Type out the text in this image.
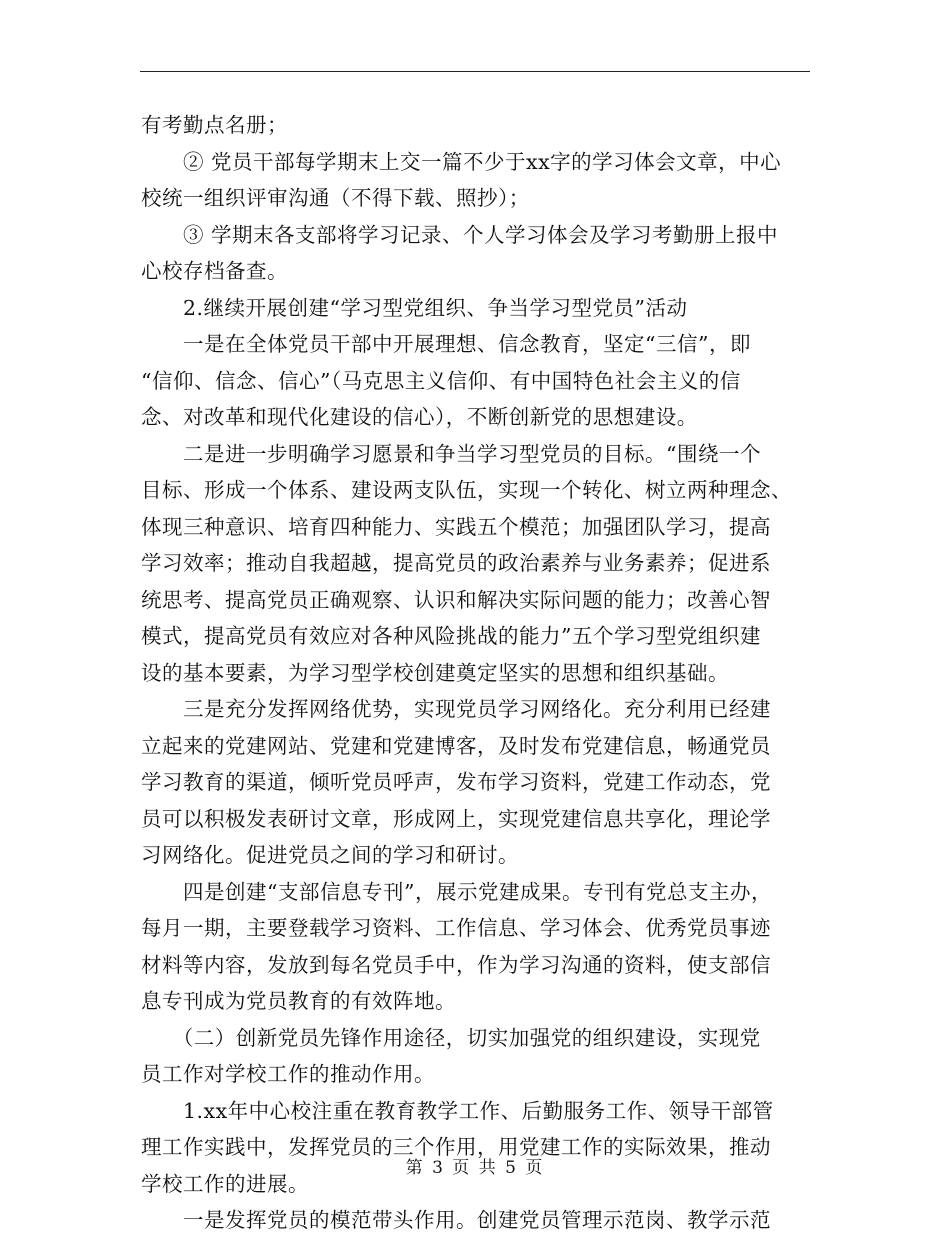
有考勤点名册；
　　② 党员干部每学期末上交一篇不少于xx字的学习体会文章，中心
校统一组织评审沟通（不得下载、照抄）；
　　③ 学期末各支部将学习记录、个人学习体会及学习考勤册上报中
心校存档备查。
　　2.继续开展创建“学习型党组织、争当学习型党员”活动
　　一是在全体党员干部中开展理想、信念教育，坚定“三信”，即
“信仰、信念、信心”（马克思主义信仰、有中国特色社会主义的信
念、对改革和现代化建设的信心），不断创新党的思想建设。
　　二是进一步明确学习愿景和争当学习型党员的目标。“围绕一个
目标、形成一个体系、建设两支队伍，实现一个转化、树立两种理念、
体现三种意识、培育四种能力、实践五个模范；加强团队学习，提高
学习效率；推动自我超越，提高党员的政治素养与业务素养；促进系
统思考、提高党员正确观察、认识和解决实际问题的能力；改善心智
模式，提高党员有效应对各种风险挑战的能力”五个学习型党组织建
设的基本要素，为学习型学校创建奠定坚实的思想和组织基础。
　　三是充分发挥网络优势，实现党员学习网络化。充分利用已经建
立起来的党建网站、党建和党建博客，及时发布党建信息，畅通党员
学习教育的渠道，倾听党员呼声，发布学习资料，党建工作动态，党
员可以积极发表研讨文章，形成网上，实现党建信息共享化，理论学
习网络化。促进党员之间的学习和研讨。
　　四是创建“支部信息专刊”，展示党建成果。专刊有党总支主办，
每月一期，主要登载学习资料、工作信息、学习体会、优秀党员事迹
材料等内容，发放到每名党员手中，作为学习沟通的资料，使支部信
息专刊成为党员教育的有效阵地。
　　（二）创新党员先锋作用途径，切实加强党的组织建设，实现党
员工作对学校工作的推动作用。
　　1.xx年中心校注重在教育教学工作、后勤服务工作、领导干部管
理工作实践中，发挥党员的三个作用，用党建工作的实际效果，推动
学校工作的进展。
　　一是发挥党员的模范带头作用。创建党员管理示范岗、教学示范
第 3 页 共 5 页
